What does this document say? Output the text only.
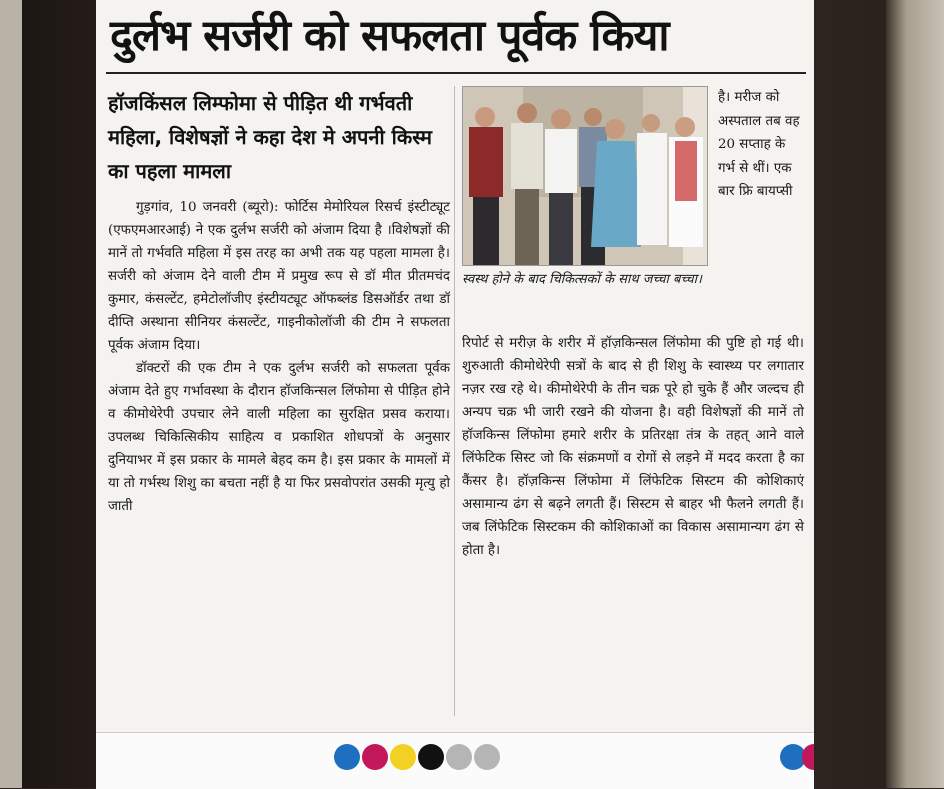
दुर्लभ सर्जरी को सफलता पूर्वक किया
हॉजकिंसल लिम्फोमा से पीड़ित थी गर्भवती महिला, विशेषज्ञों ने कहा देश मे अपनी किस्म का पहला मामला

गुड़गांव, 10 जनवरी (ब्यूरो): फोर्टिस मेमोरियल रिसर्च इंस्टीट्यूट (एफएमआरआई) ने एक दुर्लभ सर्जरी को अंजाम दिया है ।विशेषज्ञों की मानें तो गर्भवति महिला में इस तरह का अभी तक यह पहला मामला है। सर्जरी को अंजाम देने वाली टीम में प्रमुख रूप से डॉ मीत प्रीतमचंद कुमार, कंसल्टेंट, हमेटोलॉजीए इंस्टीयट्यूट ऑफब्लंड डिसऑर्डर तथा डॉ दीप्ति अस्थाना सीनियर कंसल्टेंट, गाइनीकोलॉजी की टीम ने सफलता पूर्वक अंजाम दिया।

डॉक्टरों की एक टीम ने एक दुर्लभ सर्जरी को सफलता पूर्वक अंजाम देते हुए गर्भावस्था के दौरान हॉजकिन्सल लिंफोमा से पीड़ित होने व कीमोथेरेपी उपचार लेने वाली महिला का सुरक्षित प्रसव कराया। उपलब्ध चिकित्सिकीय साहित्य व प्रकाशित शोधपत्रों के अनुसार दुनियाभर में इस प्रकार के मामले बेहद कम है। इस प्रकार के मामलों में या तो गर्भस्थ शिशु का बचता नहीं है या फिर प्रसवोपरांत उसकी मृत्यु हो जाती

स्वस्थ होने के बाद चिकित्सकों के साथ जच्चा बच्चा।
है। मरीज को अस्पताल तब वह 20 सप्ताह के गर्भ से थीं। एक बार फ्रि बायप्सी

रिपोर्ट से मरीज़ के शरीर में हॉज़किन्सल लिंफोमा की पुष्टि हो गई थी। शुरुआती कीमोथेरेपी सत्रों के बाद से ही शिशु के स्वास्थ्य पर लगातार नज़र रख रहे थे। कीमोथेरेपी के तीन चक्र पूरे हो चुके हैं और जल्दच ही अन्यप चक्र भी जारी रखने की योजना है। वही विशेषज्ञों की मानें तो हॉजकिन्स लिंफोमा हमारे शरीर के प्रतिरक्षा तंत्र के तहत् आने वाले लिंफेटिक सिस्ट जो कि संक्रमणों व रोगों से लड़ने में मदद करता है का कैंसर है। हॉज़किन्स लिंफोमा में लिंफेटिक सिस्टम की कोशिकाएं असामान्य ढंग से बढ़ने लगती हैं। सिस्टम से बाहर भी फैलने लगती हैं। जब लिंफेटिक सिस्टकम की कोशिकाओं का विकास असामान्यग ढंग से होता है।
